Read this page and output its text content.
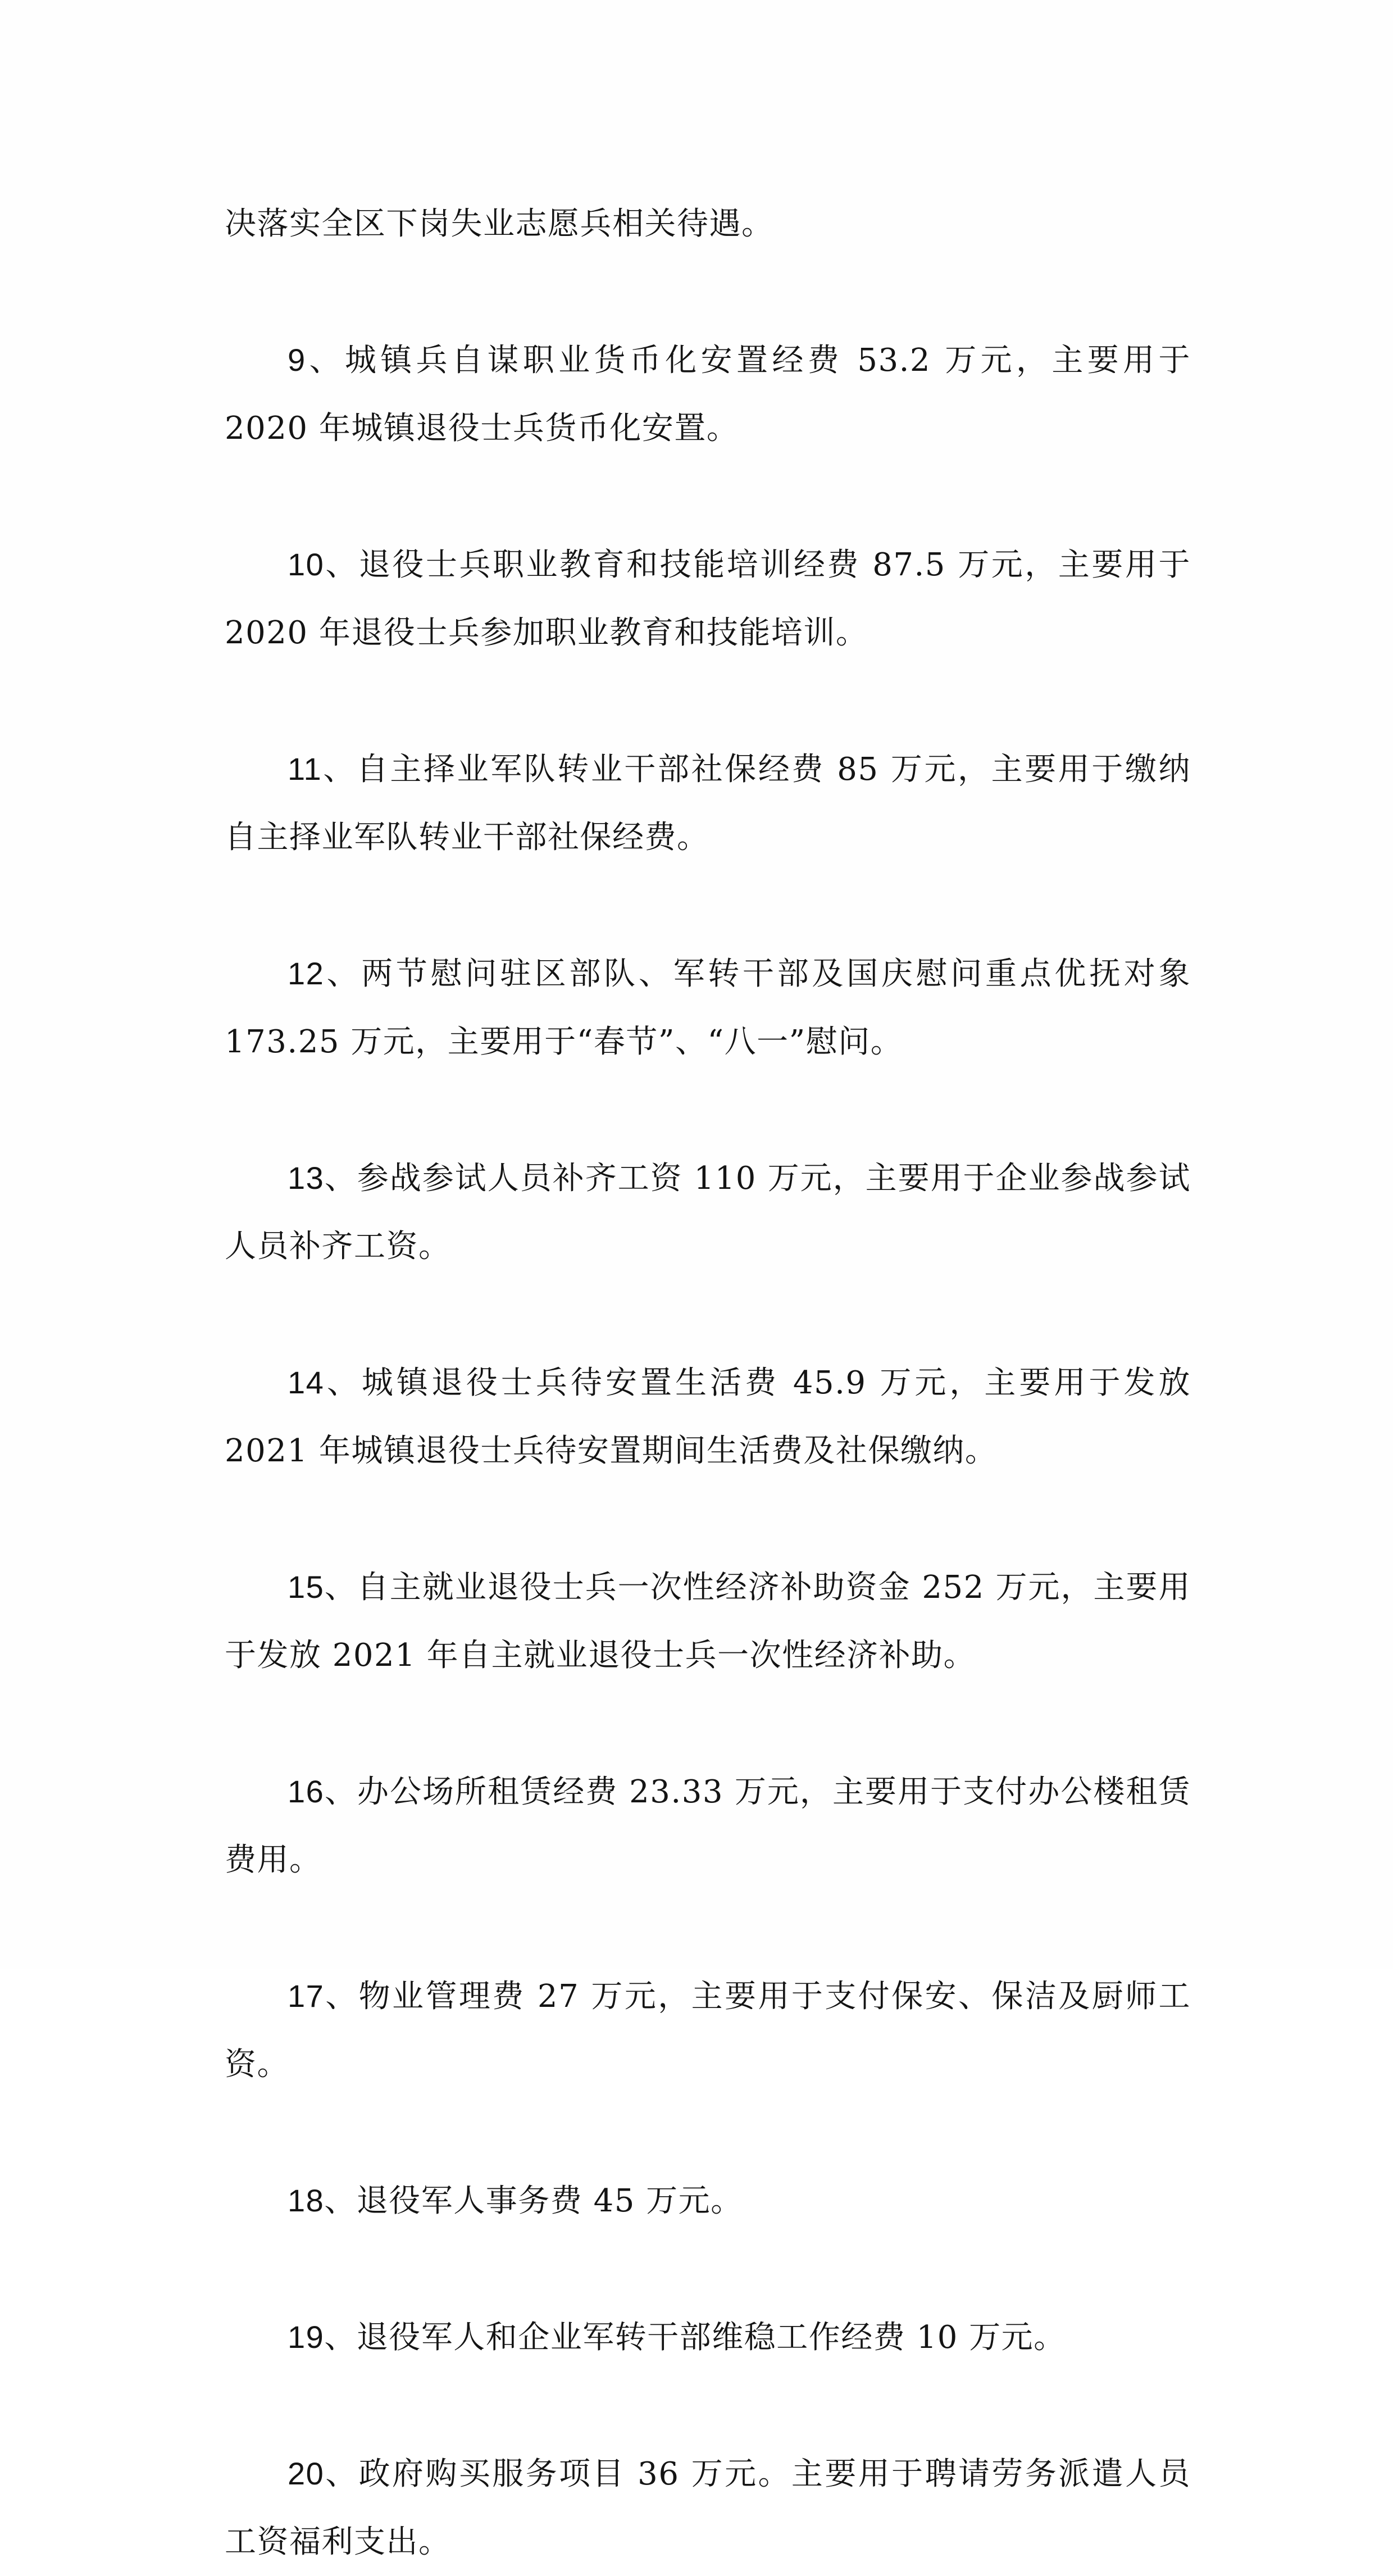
决落实全区下岗失业志愿兵相关待遇。

9、城镇兵自谋职业货币化安置经费 53.2 万元，主要用于 2020 年城镇退役士兵货币化安置。

10、退役士兵职业教育和技能培训经费 87.5 万元，主要用于 2020 年退役士兵参加职业教育和技能培训。

11、自主择业军队转业干部社保经费 85 万元，主要用于缴纳自主择业军队转业干部社保经费。

12、两节慰问驻区部队、军转干部及国庆慰问重点优抚对象 173.25 万元，主要用于“春节”、“八一”慰问。

13、参战参试人员补齐工资 110 万元，主要用于企业参战参试人员补齐工资。

14、城镇退役士兵待安置生活费 45.9 万元，主要用于发放 2021 年城镇退役士兵待安置期间生活费及社保缴纳。

15、自主就业退役士兵一次性经济补助资金 252 万元，主要用于发放 2021 年自主就业退役士兵一次性经济补助。

16、办公场所租赁经费 23.33 万元，主要用于支付办公楼租赁费用。

17、物业管理费 27 万元，主要用于支付保安、保洁及厨师工资。

18、退役军人事务费 45 万元。

19、退役军人和企业军转干部维稳工作经费 10 万元。

20、政府购买服务项目 36 万元。主要用于聘请劳务派遣人员工资福利支出。
